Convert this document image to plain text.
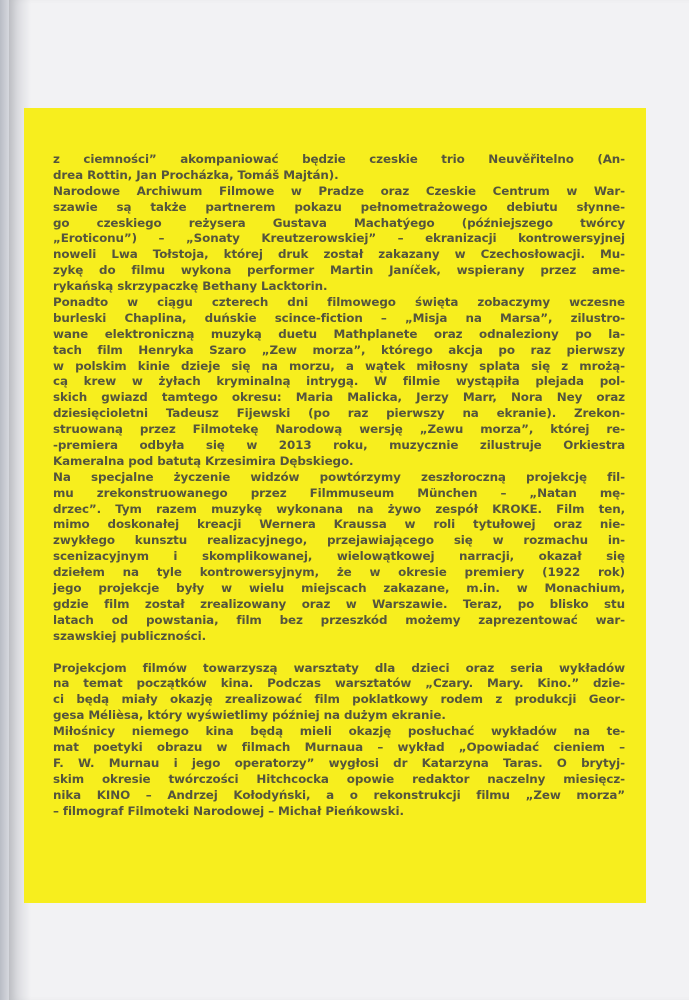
z ciemności” akompaniować będzie czeskie trio Neuvěřitelno (An-
drea Rottin, Jan Procházka, Tomáš Majtán).
Narodowe Archiwum Filmowe w Pradze oraz Czeskie Centrum w War-
szawie są także partnerem pokazu pełnometrażowego debiutu słynne-
go czeskiego reżysera Gustava Machatýego (późniejszego twórcy
„Eroticonu”) – „Sonaty Kreutzerowskiej” – ekranizacji kontrowersyjnej
noweli Lwa Tołstoja, której druk został zakazany w Czechosłowacji. Mu-
zykę do filmu wykona performer Martin Janíček, wspierany przez ame-
rykańską skrzypaczkę Bethany Lacktorin.
Ponadto w ciągu czterech dni filmowego święta zobaczymy wczesne
burleski Chaplina, duńskie scince-fiction – „Misja na Marsa”, zilustro-
wane elektroniczną muzyką duetu Mathplanete oraz odnaleziony po la-
tach film Henryka Szaro „Zew morza”, którego akcja po raz pierwszy
w polskim kinie dzieje się na morzu, a wątek miłosny splata się z mrożą-
cą krew w żyłach kryminalną intrygą. W filmie wystąpiła plejada pol-
skich gwiazd tamtego okresu: Maria Malicka, Jerzy Marr, Nora Ney oraz
dziesięcioletni Tadeusz Fijewski (po raz pierwszy na ekranie). Zrekon-
struowaną przez Filmotekę Narodową wersję „Zewu morza”, której re-
-premiera odbyła się w 2013 roku, muzycznie zilustruje Orkiestra
Kameralna pod batutą Krzesimira Dębskiego.
Na specjalne życzenie widzów powtórzymy zeszłoroczną projekcję fil-
mu zrekonstruowanego przez Filmmuseum München – „Natan mę-
drzec”. Tym razem muzykę wykonana na żywo zespół KROKE. Film ten,
mimo doskonałej kreacji Wernera Kraussa w roli tytułowej oraz nie-
zwykłego kunsztu realizacyjnego, przejawiającego się w rozmachu in-
scenizacyjnym i skomplikowanej, wielowątkowej narracji, okazał się
dziełem na tyle kontrowersyjnym, że w okresie premiery (1922 rok)
jego projekcje były w wielu miejscach zakazane, m.in. w Monachium,
gdzie film został zrealizowany oraz w Warszawie. Teraz, po blisko stu
latach od powstania, film bez przeszkód możemy zaprezentować war-
szawskiej publiczności.
Projekcjom filmów towarzyszą warsztaty dla dzieci oraz seria wykładów
na temat początków kina. Podczas warsztatów „Czary. Mary. Kino.” dzie-
ci będą miały okazję zrealizować film poklatkowy rodem z produkcji Geor-
gesa Mélièsa, który wyświetlimy później na dużym ekranie.
Miłośnicy niemego kina będą mieli okazję posłuchać wykładów na te-
mat poetyki obrazu w filmach Murnaua – wykład „Opowiadać cieniem –
F. W. Murnau i jego operatorzy” wygłosi dr Katarzyna Taras. O brytyj-
skim okresie twórczości Hitchcocka opowie redaktor naczelny miesięcz-
nika KINO – Andrzej Kołodyński, a o rekonstrukcji filmu „Zew morza”
– filmograf Filmoteki Narodowej – Michał Pieńkowski.
